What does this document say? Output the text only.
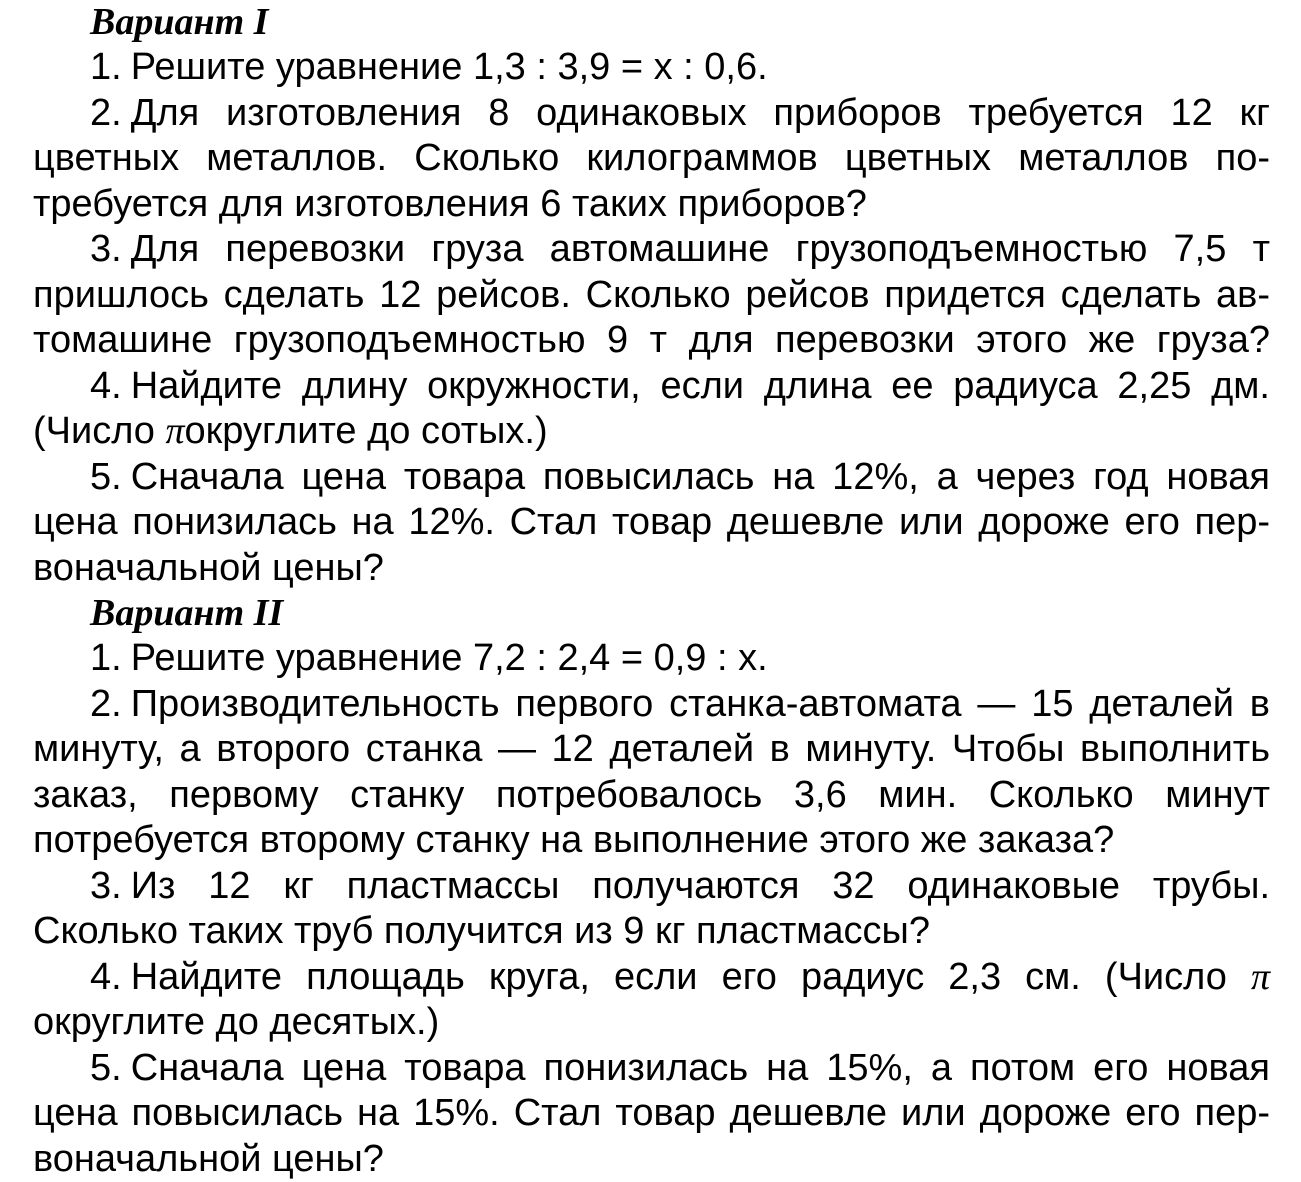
Вариант I
1. Решите уравнение 1,3 : 3,9 = х : 0,6.
2. Для изготовления 8 одинаковых приборов требуется 12 кг
цветных металлов. Сколько килограммов цветных металлов по-
требуется для изготовления 6 таких приборов?
3. Для перевозки груза автомашине грузоподъемностью 7,5 т
пришлось сделать 12 рейсов. Сколько рейсов придется сделать ав-
томашине грузоподъемностью 9 т для перевозки этого же груза?
4. Найдите длину окружности, если длина ее радиуса 2,25 дм.
(Число πокруглите до сотых.)
5. Сначала цена товара повысилась на 12%, а через год новая
цена понизилась на 12%. Стал товар дешевле или дороже его пер-
воначальной цены?
Вариант II
1. Решите уравнение 7,2 : 2,4 = 0,9 : х.
2. Производительность первого станка-автомата — 15 деталей в
минуту, а второго станка — 12 деталей в минуту. Чтобы выполнить
заказ, первому станку потребовалось 3,6 мин. Сколько минут
потребуется второму станку на выполнение этого же заказа?
3. Из 12 кг пластмассы получаются 32 одинаковые трубы.
Сколько таких труб получится из 9 кг пластмассы?
4. Найдите площадь круга, если его радиус 2,3 см. (Число π
округлите до десятых.)
5. Сначала цена товара понизилась на 15%, а потом его новая
цена повысилась на 15%. Стал товар дешевле или дороже его пер-
воначальной цены?
